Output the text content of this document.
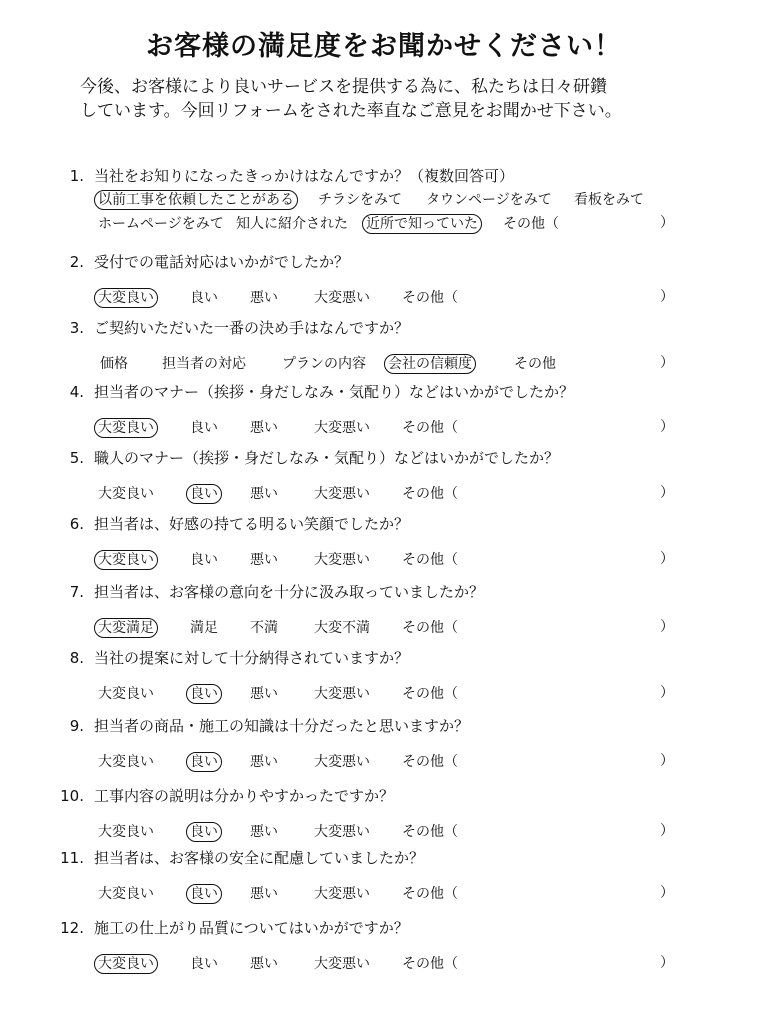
お客様の満足度をお聞かせください！
今後、お客様により良いサービスを提供する為に、私たちは日々研鑽
しています。今回リフォームをされた率直なご意見をお聞かせ下さい。
1. 当社をお知りになったきっかけはなんですか？（複数回答可）
以前工事を依頼したことがある チラシをみて タウンページをみて 看板をみて
ホームページをみて 知人に紹介された 近所で知っていた その他（	）
2. 受付での電話対応はいかがでしたか？
大変良い	良い 悪い	大変悪い その他（	）
3. ご契約いただいた一番の決め手はなんですか？
価格 担当者の対応	プランの内容 会社の信頼度	その他	）
4. 担当者のマナー（挨拶・身だしなみ・気配り）などはいかがでしたか？
大変良い	良い 悪い	大変悪い その他（	）
5. 職人のマナー（挨拶・身だしなみ・気配り）などはいかがでしたか？
大変良い	良い 悪い	大変悪い その他（	）
6. 担当者は、好感の持てる明るい笑顔でしたか？
大変良い	良い 悪い	大変悪い その他（	）
7. 担当者は、お客様の意向を十分に汲み取っていましたか？
大変満足	満足 不満	大変不満 その他（	）
8. 当社の提案に対して十分納得されていますか？
大変良い	良い 悪い	大変悪い その他（	）
9. 担当者の商品・施工の知識は十分だったと思いますか？
大変良い	良い 悪い	大変悪い その他（	）
10. 工事内容の説明は分かりやすかったですか？
大変良い	良い 悪い	大変悪い その他（	）
11. 担当者は、お客様の安全に配慮していましたか？
大変良い	良い 悪い	大変悪い その他（	）
12. 施工の仕上がり品質についてはいかがですか？
大変良い	良い 悪い	大変悪い その他（	）
